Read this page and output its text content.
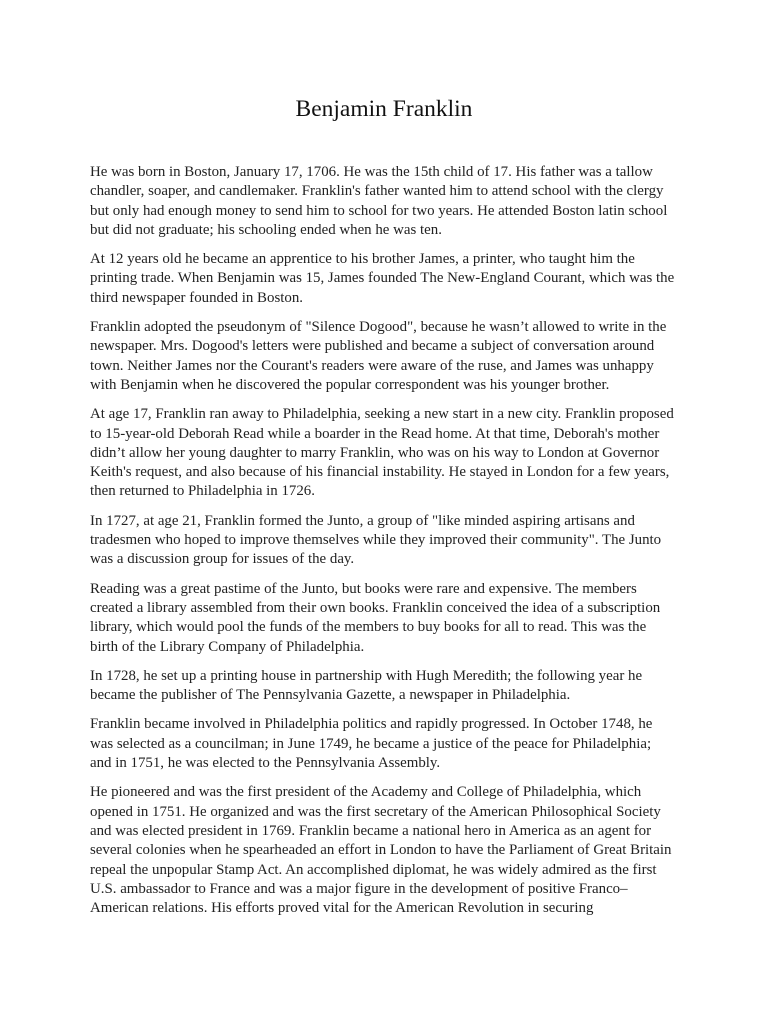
Benjamin Franklin

He was born in Boston, January 17, 1706. He was the 15th child of 17. His father was a tallow chandler, soaper, and candlemaker. Franklin's father wanted him to attend school with the clergy but only had enough money to send him to school for two years. He attended Boston latin school but did not graduate; his schooling ended when he was ten.

At 12 years old he became an apprentice to his brother James, a printer, who taught him the printing trade. When Benjamin was 15, James founded The New-England Courant, which was the third newspaper founded in Boston.

Franklin adopted the pseudonym of "Silence Dogood", because he wasn’t allowed to write in the newspaper. Mrs. Dogood's letters were published and became a subject of conversation around town. Neither James nor the Courant's readers were aware of the ruse, and James was unhappy with Benjamin when he discovered the popular correspondent was his younger brother.

At age 17, Franklin ran away to Philadelphia, seeking a new start in a new city. Franklin proposed to 15-year-old Deborah Read while a boarder in the Read home. At that time, Deborah's mother didn’t allow her young daughter to marry Franklin, who was on his way to London at Governor Keith's request, and also because of his financial instability. He stayed in London for a few years, then returned to Philadelphia in 1726.

In 1727, at age 21, Franklin formed the Junto, a group of "like minded aspiring artisans and tradesmen who hoped to improve themselves while they improved their community". The Junto was a discussion group for issues of the day.

Reading was a great pastime of the Junto, but books were rare and expensive. The members created a library assembled from their own books. Franklin conceived the idea of a subscription library, which would pool the funds of the members to buy books for all to read. This was the birth of the Library Company of Philadelphia.

In 1728, he set up a printing house in partnership with Hugh Meredith; the following year he became the publisher of The Pennsylvania Gazette, a newspaper in Philadelphia.

Franklin became involved in Philadelphia politics and rapidly progressed. In October 1748, he was selected as a councilman; in June 1749, he became a justice of the peace for Philadelphia; and in 1751, he was elected to the Pennsylvania Assembly.

He pioneered and was the first president of the Academy and College of Philadelphia, which opened in 1751. He organized and was the first secretary of the American Philosophical Society and was elected president in 1769. Franklin became a national hero in America as an agent for several colonies when he spearheaded an effort in London to have the Parliament of Great Britain repeal the unpopular Stamp Act. An accomplished diplomat, he was widely admired as the first U.S. ambassador to France and was a major figure in the development of positive Franco–American relations. His efforts proved vital for the American Revolution in securing
